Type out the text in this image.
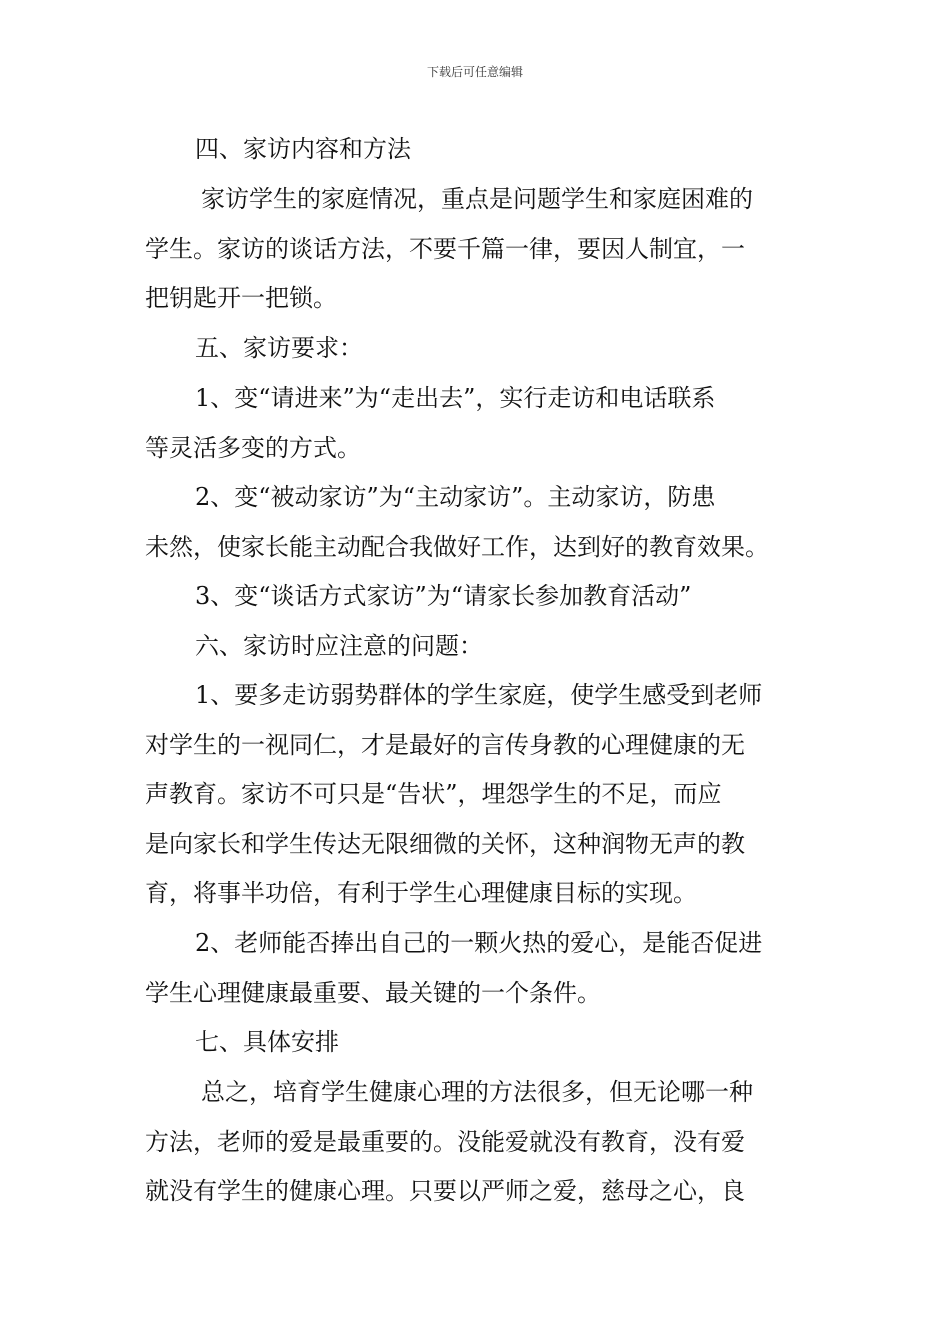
下载后可任意编辑
四、家访内容和方法
家访学生的家庭情况，重点是问题学生和家庭困难的
学生。家访的谈话方法，不要千篇一律，要因人制宜，一
把钥匙开一把锁。
五、家访要求：
1、变“请进来”为“走出去”，实行走访和电话联系
等灵活多变的方式。
2、变“被动家访”为“主动家访”。主动家访，防患
未然，使家长能主动配合我做好工作，达到好的教育效果。
3、变“谈话方式家访”为“请家长参加教育活动”
六、家访时应注意的问题：
1、要多走访弱势群体的学生家庭，使学生感受到老师
对学生的一视同仁，才是最好的言传身教的心理健康的无
声教育。家访不可只是“告状”，埋怨学生的不足，而应
是向家长和学生传达无限细微的关怀，这种润物无声的教
育，将事半功倍，有利于学生心理健康目标的实现。
2、老师能否捧出自己的一颗火热的爱心，是能否促进
学生心理健康最重要、最关键的一个条件。
七、具体安排
总之，培育学生健康心理的方法很多，但无论哪一种
方法，老师的爱是最重要的。没能爱就没有教育，没有爱
就没有学生的健康心理。只要以严师之爱，慈母之心，良
